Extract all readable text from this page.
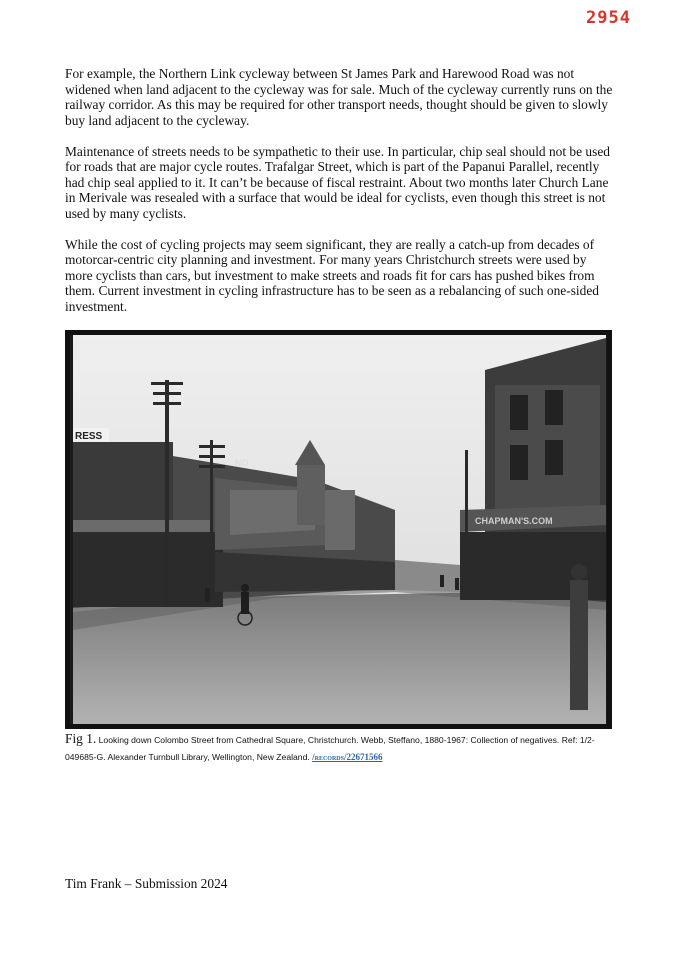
2954

For example, the Northern Link cycleway between St James Park and Harewood Road was not widened when land adjacent to the cycleway was for sale. Much of the cycleway currently runs on the railway corridor. As this may be required for other transport needs, thought should be given to slowly buy land adjacent to the cycleway.

Maintenance of streets needs to be sympathetic to their use. In particular, chip seal should not be used for roads that are major cycle routes. Trafalgar Street, which is part of the Papanui Parallel, recently had chip seal applied to it. It can’t be because of fiscal restraint. About two months later Church Lane in Merivale was resealed with a surface that would be ideal for cyclists, even though this street is not used by many cyclists.

While the cost of cycling projects may seem significant, they are really a catch-up from decades of motorcar-centric city planning and investment. For many years Christchurch streets were used by more cyclists than cars, but investment to make streets and roads fit for cars has pushed bikes from them. Current investment in cycling infrastructure has to be seen as a rebalancing of such one-sided investment.

RESS
NO
CHAPMAN'S.COM
Fig 1. Looking down Colombo Street from Cathedral Square, Christchurch. Webb, Steffano, 1880-1967: Collection of negatives. Ref: 1/2-049685-G. Alexander Turnbull Library, Wellington, New Zealand. /records/22671566
Tim Frank – Submission 2024
